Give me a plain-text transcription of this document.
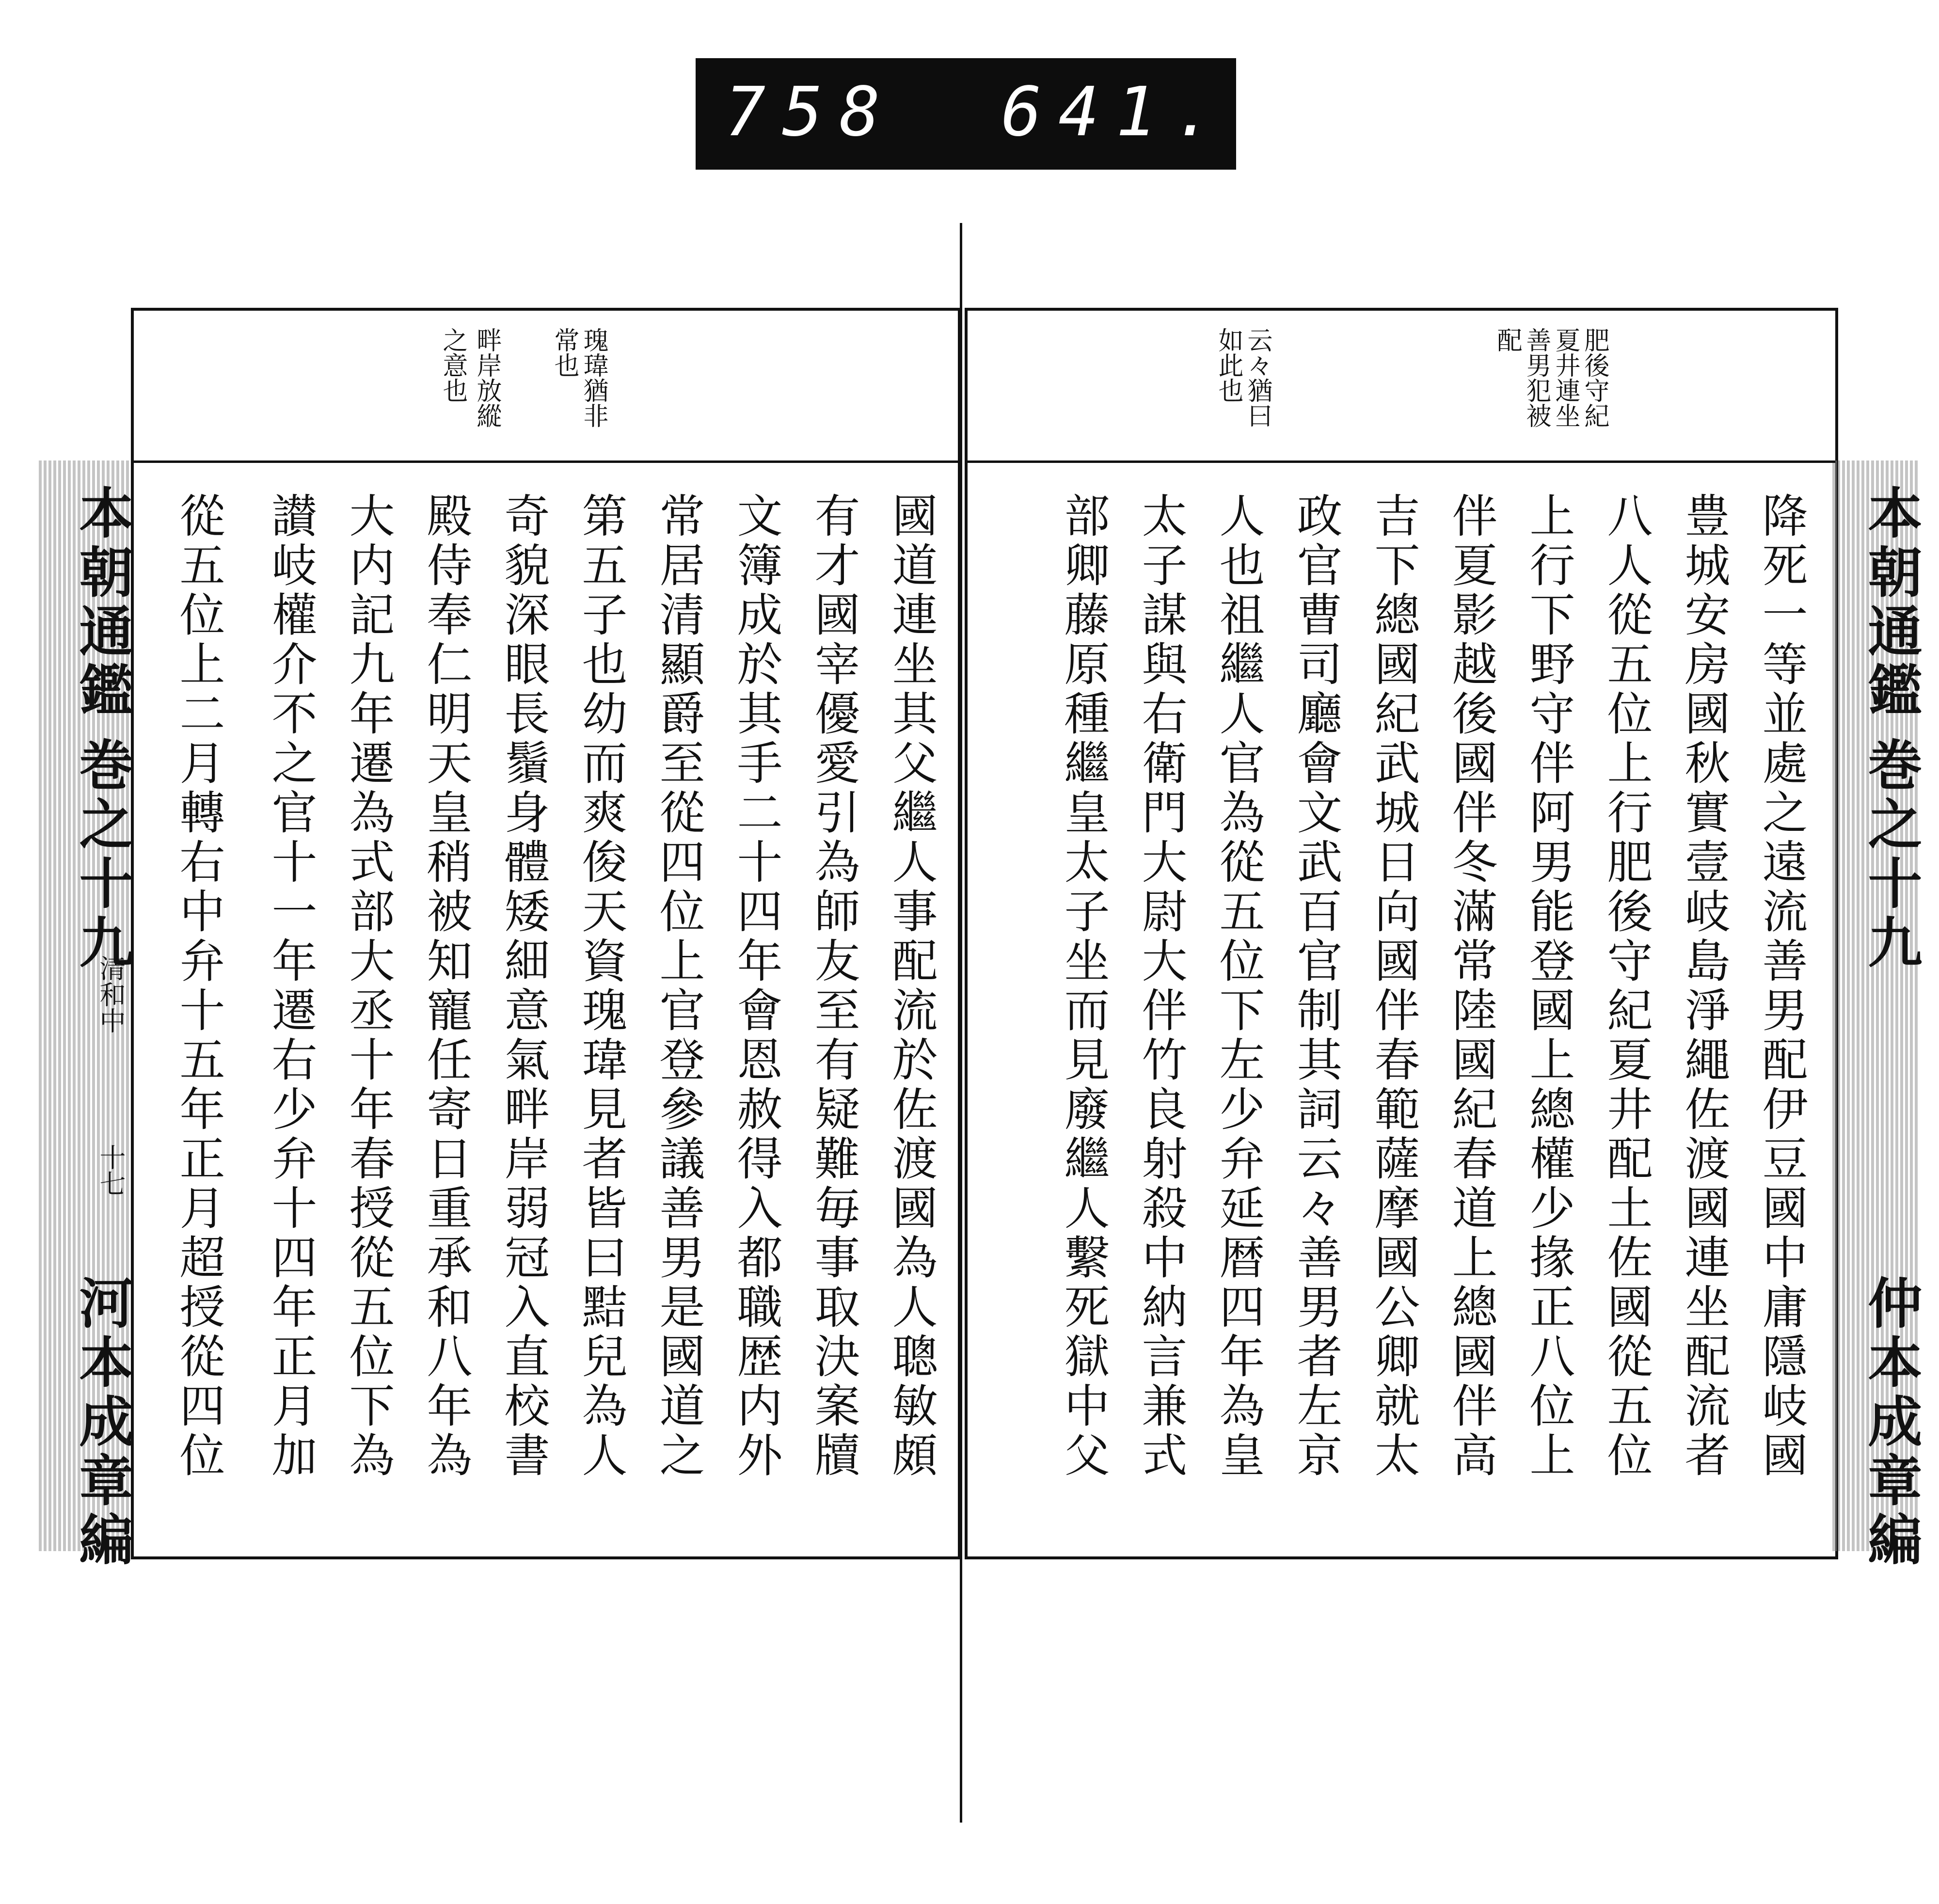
758 641.
瑰瑋猶非
常也
畔岸放縱
之意也
國道連坐其父繼人事配流於佐渡國為人聰敏頗
有才國宰優愛引為師友至有疑難毎事取決案牘
文簿成於其手二十四年會恩赦得入都職歴内外
常居清顯爵至從四位上官登參議善男是國道之
第五子也幼而爽俊天資瑰瑋見者皆曰黠兒為人
奇貌深眼長鬚身體矮細意氣畔岸弱冠入直校書
殿侍奉仁明天皇稍被知寵任寄日重承和八年為
大内記九年遷為式部大丞十年春授從五位下為
讃岐權介不之官十一年遷右少弁十四年正月加
從五位上二月轉右中弁十五年正月超授從四位
本朝通鑑
巻之十九
清和中
十七
河本成章編
肥後守紀
夏井連坐
善男犯被
配
云々猶曰
如此也
降死一等並處之遠流善男配伊豆國中庸隱岐國
豊城安房國秋實壹岐島淨繩佐渡國連坐配流者
八人從五位上行肥後守紀夏井配土佐國從五位
上行下野守伴阿男能登國上總權少掾正八位上
伴夏影越後國伴冬滿常陸國紀春道上總國伴高
吉下總國紀武城日向國伴春範薩摩國公卿就太
政官曹司廳會文武百官制其詞云々善男者左京
人也祖繼人官為從五位下左少弁延暦四年為皇
太子謀與右衛門大尉大伴竹良射殺中納言兼式
部卿藤原種繼皇太子坐而見廢繼人繫死獄中父	本朝通鑑
巻之十九
仲本成章編
